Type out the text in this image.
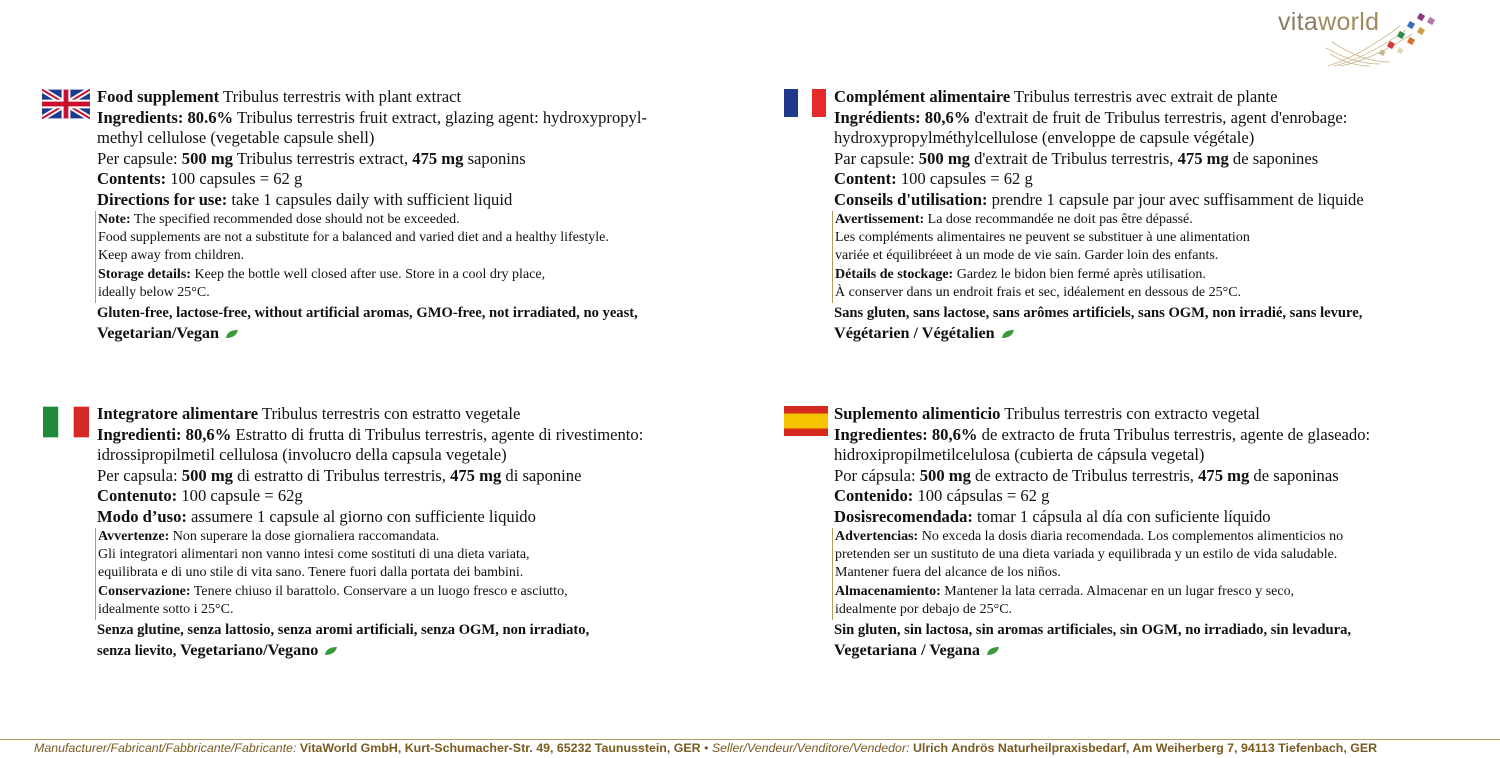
vitaworld
Food supplement Tribulus terrestris with plant extract
Ingredients: 80.6% Tribulus terrestris fruit extract, glazing agent: hydroxypropyl-
methyl cellulose (vegetable capsule shell)
Per capsule: 500 mg Tribulus terrestris extract, 475 mg saponins
Contents: 100 capsules = 62 g
Directions for use: take 1 capsules daily with sufficient liquid
Note: The specified recommended dose should not be exceeded.
Food supplements are not a substitute for a balanced and varied diet and a healthy lifestyle.
Keep away from children.
Storage details: Keep the bottle well closed after use. Store in a cool dry place,
ideally below 25°C.
Gluten-free, lactose-free, without artificial aromas, GMO-free, not irradiated, no yeast,
Vegetarian/Vegan
Complément alimentaire Tribulus terrestris avec extrait de plante
Ingrédients: 80,6% d'extrait de fruit de Tribulus terrestris, agent d'enrobage:
hydroxypropylméthylcellulose (enveloppe de capsule végétale)
Par capsule: 500 mg d'extrait de Tribulus terrestris, 475 mg de saponines
Content: 100 capsules = 62 g
Conseils d'utilisation: prendre 1 capsule par jour avec suffisamment de liquide
Avertissement: La dose recommandée ne doit pas être dépassé.
Les compléments alimentaires ne peuvent se substituer à une alimentation
variée et équilibréeet à un mode de vie sain. Garder loin des enfants.
Détails de stockage: Gardez le bidon bien fermé après utilisation.
À conserver dans un endroit frais et sec, idéalement en dessous de 25°C.
Sans gluten, sans lactose, sans arômes artificiels, sans OGM, non irradié, sans levure,
Végétarien / Végétalien
Integratore alimentare Tribulus terrestris con estratto vegetale
Ingredienti: 80,6% Estratto di frutta di Tribulus terrestris, agente di rivestimento:
idrossipropilmetil cellulosa (involucro della capsula vegetale)
Per capsula: 500 mg di estratto di Tribulus terrestris, 475 mg di saponine
Contenuto: 100 capsule = 62g
Modo d’uso: assumere 1 capsule al giorno con sufficiente liquido
Avvertenze: Non superare la dose giornaliera raccomandata.
Gli integratori alimentari non vanno intesi come sostituti di una dieta variata,
equilibrata e di uno stile di vita sano. Tenere fuori dalla portata dei bambini.
Conservazione: Tenere chiuso il barattolo. Conservare a un luogo fresco e asciutto,
idealmente sotto i 25°C.
Senza glutine, senza lattosio, senza aromi artificiali, senza OGM, non irradiato,
senza lievito, Vegetariano/Vegano
Suplemento alimenticio Tribulus terrestris con extracto vegetal
Ingredientes: 80,6% de extracto de fruta Tribulus terrestris, agente de glaseado:
hidroxipropilmetilcelulosa (cubierta de cápsula vegetal)
Por cápsula: 500 mg de extracto de Tribulus terrestris, 475 mg de saponinas
Contenido: 100 cápsulas = 62 g
Dosisrecomendada: tomar 1 cápsula al día con suficiente líquido
Advertencias: No exceda la dosis diaria recomendada. Los complementos alimenticios no
pretenden ser un sustituto de una dieta variada y equilibrada y un estilo de vida saludable.
Mantener fuera del alcance de los niños.
Almacenamiento: Mantener la lata cerrada. Almacenar en un lugar fresco y seco,
idealmente por debajo de 25°C.
Sin gluten, sin lactosa, sin aromas artificiales, sin OGM, no irradiado, sin levadura,
Vegetariana / Vegana
Manufacturer/Fabricant/Fabbricante/Fabricante: VitaWorld GmbH, Kurt-Schumacher-Str. 49, 65232 Taunusstein, GER • Seller/Vendeur/Venditore/Vendedor: Ulrich Andrös Naturheilpraxisbedarf, Am Weiherberg 7, 94113 Tiefenbach, GER
